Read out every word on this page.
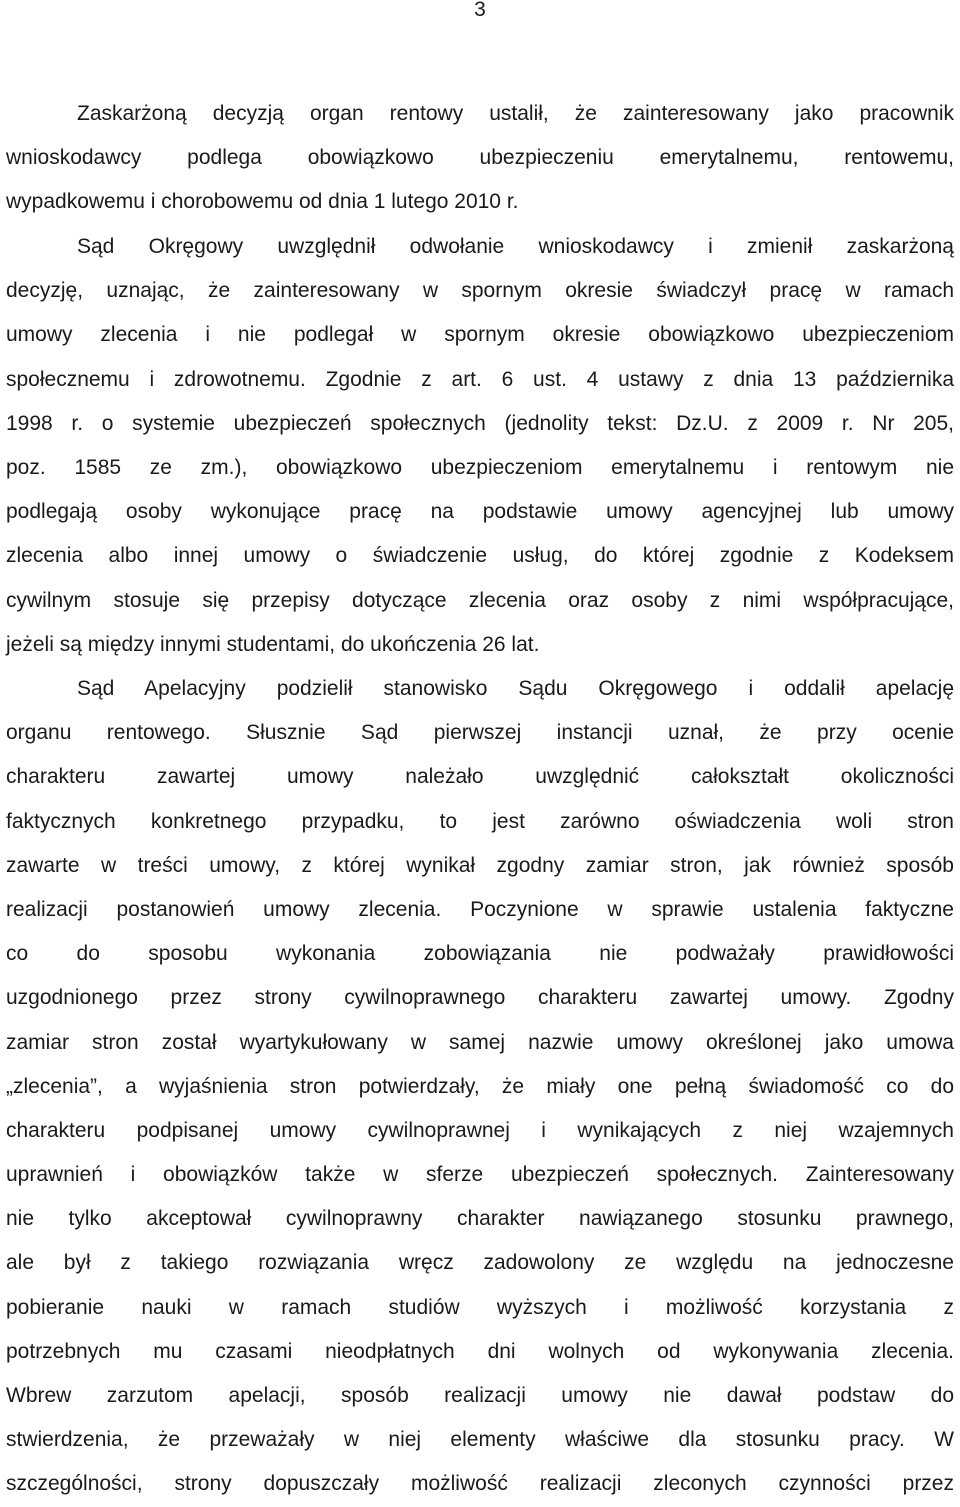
3
Zaskarżoną decyzją organ rentowy ustalił, że zainteresowany jako pracownik
wnioskodawcy podlega obowiązkowo ubezpieczeniu emerytalnemu, rentowemu,
wypadkowemu i chorobowemu od dnia 1 lutego 2010 r.
Sąd Okręgowy uwzględnił odwołanie wnioskodawcy i zmienił zaskarżoną
decyzję, uznając, że zainteresowany w spornym okresie świadczył pracę w ramach
umowy zlecenia i nie podlegał w spornym okresie obowiązkowo ubezpieczeniom
społecznemu i zdrowotnemu. Zgodnie z art. 6 ust. 4 ustawy z dnia 13 października
1998 r. o systemie ubezpieczeń społecznych (jednolity tekst: Dz.U. z 2009 r. Nr 205,
poz. 1585 ze zm.), obowiązkowo ubezpieczeniom emerytalnemu i rentowym nie
podlegają osoby wykonujące pracę na podstawie umowy agencyjnej lub umowy
zlecenia albo innej umowy o świadczenie usług, do której zgodnie z Kodeksem
cywilnym stosuje się przepisy dotyczące zlecenia oraz osoby z nimi współpracujące,
jeżeli są między innymi studentami, do ukończenia 26 lat.
Sąd Apelacyjny podzielił stanowisko Sądu Okręgowego i oddalił apelację
organu rentowego. Słusznie Sąd pierwszej instancji uznał, że przy ocenie
charakteru zawartej umowy należało uwzględnić całokształt okoliczności
faktycznych konkretnego przypadku, to jest zarówno oświadczenia woli stron
zawarte w treści umowy, z której wynikał zgodny zamiar stron, jak również sposób
realizacji postanowień umowy zlecenia. Poczynione w sprawie ustalenia faktyczne
co do sposobu wykonania zobowiązania nie podważały prawidłowości
uzgodnionego przez strony cywilnoprawnego charakteru zawartej umowy. Zgodny
zamiar stron został wyartykułowany w samej nazwie umowy określonej jako umowa
„zlecenia”, a wyjaśnienia stron potwierdzały, że miały one pełną świadomość co do
charakteru podpisanej umowy cywilnoprawnej i wynikających z niej wzajemnych
uprawnień i obowiązków także w sferze ubezpieczeń społecznych. Zainteresowany
nie tylko akceptował cywilnoprawny charakter nawiązanego stosunku prawnego,
ale był z takiego rozwiązania wręcz zadowolony ze względu na jednoczesne
pobieranie nauki w ramach studiów wyższych i możliwość korzystania z
potrzebnych mu czasami nieodpłatnych dni wolnych od wykonywania zlecenia.
Wbrew zarzutom apelacji, sposób realizacji umowy nie dawał podstaw do
stwierdzenia, że przeważały w niej elementy właściwe dla stosunku pracy. W
szczególności, strony dopuszczały możliwość realizacji zleconych czynności przez
